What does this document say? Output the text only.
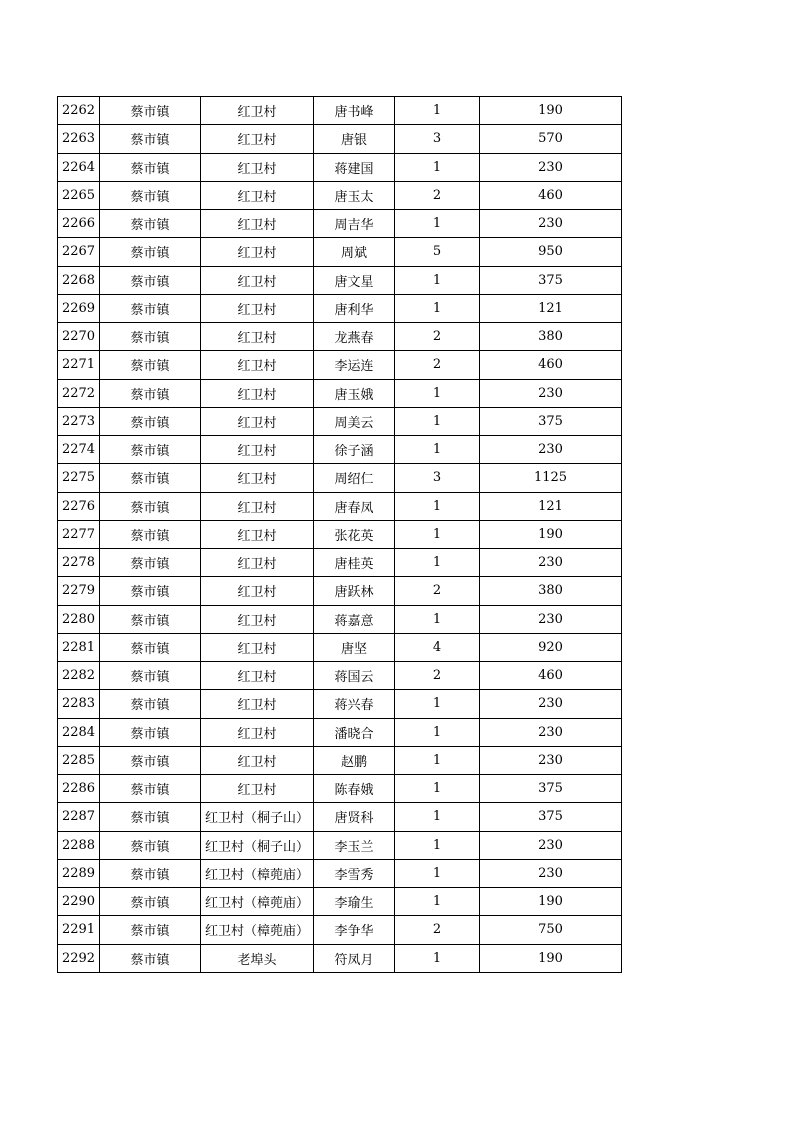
2262	蔡市镇	红卫村	唐书峰	1	190
2263	蔡市镇	红卫村	唐银	3	570
2264	蔡市镇	红卫村	蒋建国	1	230
2265	蔡市镇	红卫村	唐玉太	2	460
2266	蔡市镇	红卫村	周吉华	1	230
2267	蔡市镇	红卫村	周斌	5	950
2268	蔡市镇	红卫村	唐文星	1	375
2269	蔡市镇	红卫村	唐利华	1	121
2270	蔡市镇	红卫村	龙燕春	2	380
2271	蔡市镇	红卫村	李运连	2	460
2272	蔡市镇	红卫村	唐玉娥	1	230
2273	蔡市镇	红卫村	周美云	1	375
2274	蔡市镇	红卫村	徐子涵	1	230
2275	蔡市镇	红卫村	周绍仁	3	1125
2276	蔡市镇	红卫村	唐春凤	1	121
2277	蔡市镇	红卫村	张花英	1	190
2278	蔡市镇	红卫村	唐桂英	1	230
2279	蔡市镇	红卫村	唐跃林	2	380
2280	蔡市镇	红卫村	蒋嘉意	1	230
2281	蔡市镇	红卫村	唐坚	4	920
2282	蔡市镇	红卫村	蒋国云	2	460
2283	蔡市镇	红卫村	蒋兴春	1	230
2284	蔡市镇	红卫村	潘晓合	1	230
2285	蔡市镇	红卫村	赵鹏	1	230
2286	蔡市镇	红卫村	陈春娥	1	375
2287	蔡市镇	红卫村（桐子山）	唐贤科	1	375
2288	蔡市镇	红卫村（桐子山）	李玉兰	1	230
2289	蔡市镇	红卫村（樟蔸庙）	李雪秀	1	230
2290	蔡市镇	红卫村（樟蔸庙）	李瑜生	1	190
2291	蔡市镇	红卫村（樟蔸庙）	李争华	2	750
2292	蔡市镇	老埠头	符凤月	1	190
